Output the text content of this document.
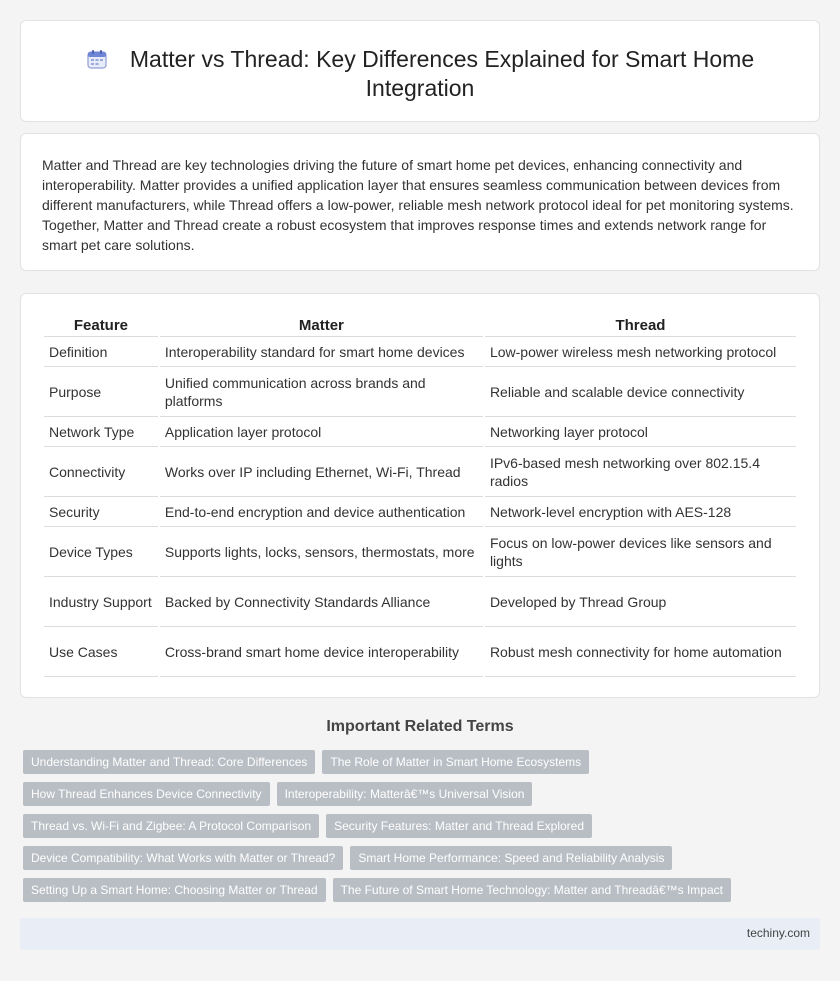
Matter vs Thread: Key Differences Explained for Smart Home Integration

Matter and Thread are key technologies driving the future of smart home pet devices, enhancing connectivity and interoperability. Matter provides a unified application layer that ensures seamless communication between devices from different manufacturers, while Thread offers a low-power, reliable mesh network protocol ideal for pet monitoring systems. Together, Matter and Thread create a robust ecosystem that improves response times and extends network range for smart pet care solutions.

Feature	Matter	Thread
Definition	Interoperability standard for smart home devices	Low-power wireless mesh networking protocol
Purpose	Unified communication across brands and platforms	Reliable and scalable device connectivity
Network Type	Application layer protocol	Networking layer protocol
Connectivity	Works over IP including Ethernet, Wi-Fi, Thread	IPv6-based mesh networking over 802.15.4 radios
Security	End-to-end encryption and device authentication	Network-level encryption with AES-128
Device Types	Supports lights, locks, sensors, thermostats, more	Focus on low-power devices like sensors and lights
Industry Support	Backed by Connectivity Standards Alliance	Developed by Thread Group
Use Cases	Cross-brand smart home device interoperability	Robust mesh connectivity for home automation
Important Related Terms
Understanding Matter and Thread: Core Differences The Role of Matter in Smart Home Ecosystems
How Thread Enhances Device Connectivity Interoperability: Matterâ€™s Universal Vision
Thread vs. Wi-Fi and Zigbee: A Protocol Comparison Security Features: Matter and Thread Explored
Device Compatibility: What Works with Matter or Thread? Smart Home Performance: Speed and Reliability Analysis
Setting Up a Smart Home: Choosing Matter or Thread The Future of Smart Home Technology: Matter and Threadâ€™s Impact
techiny.com
